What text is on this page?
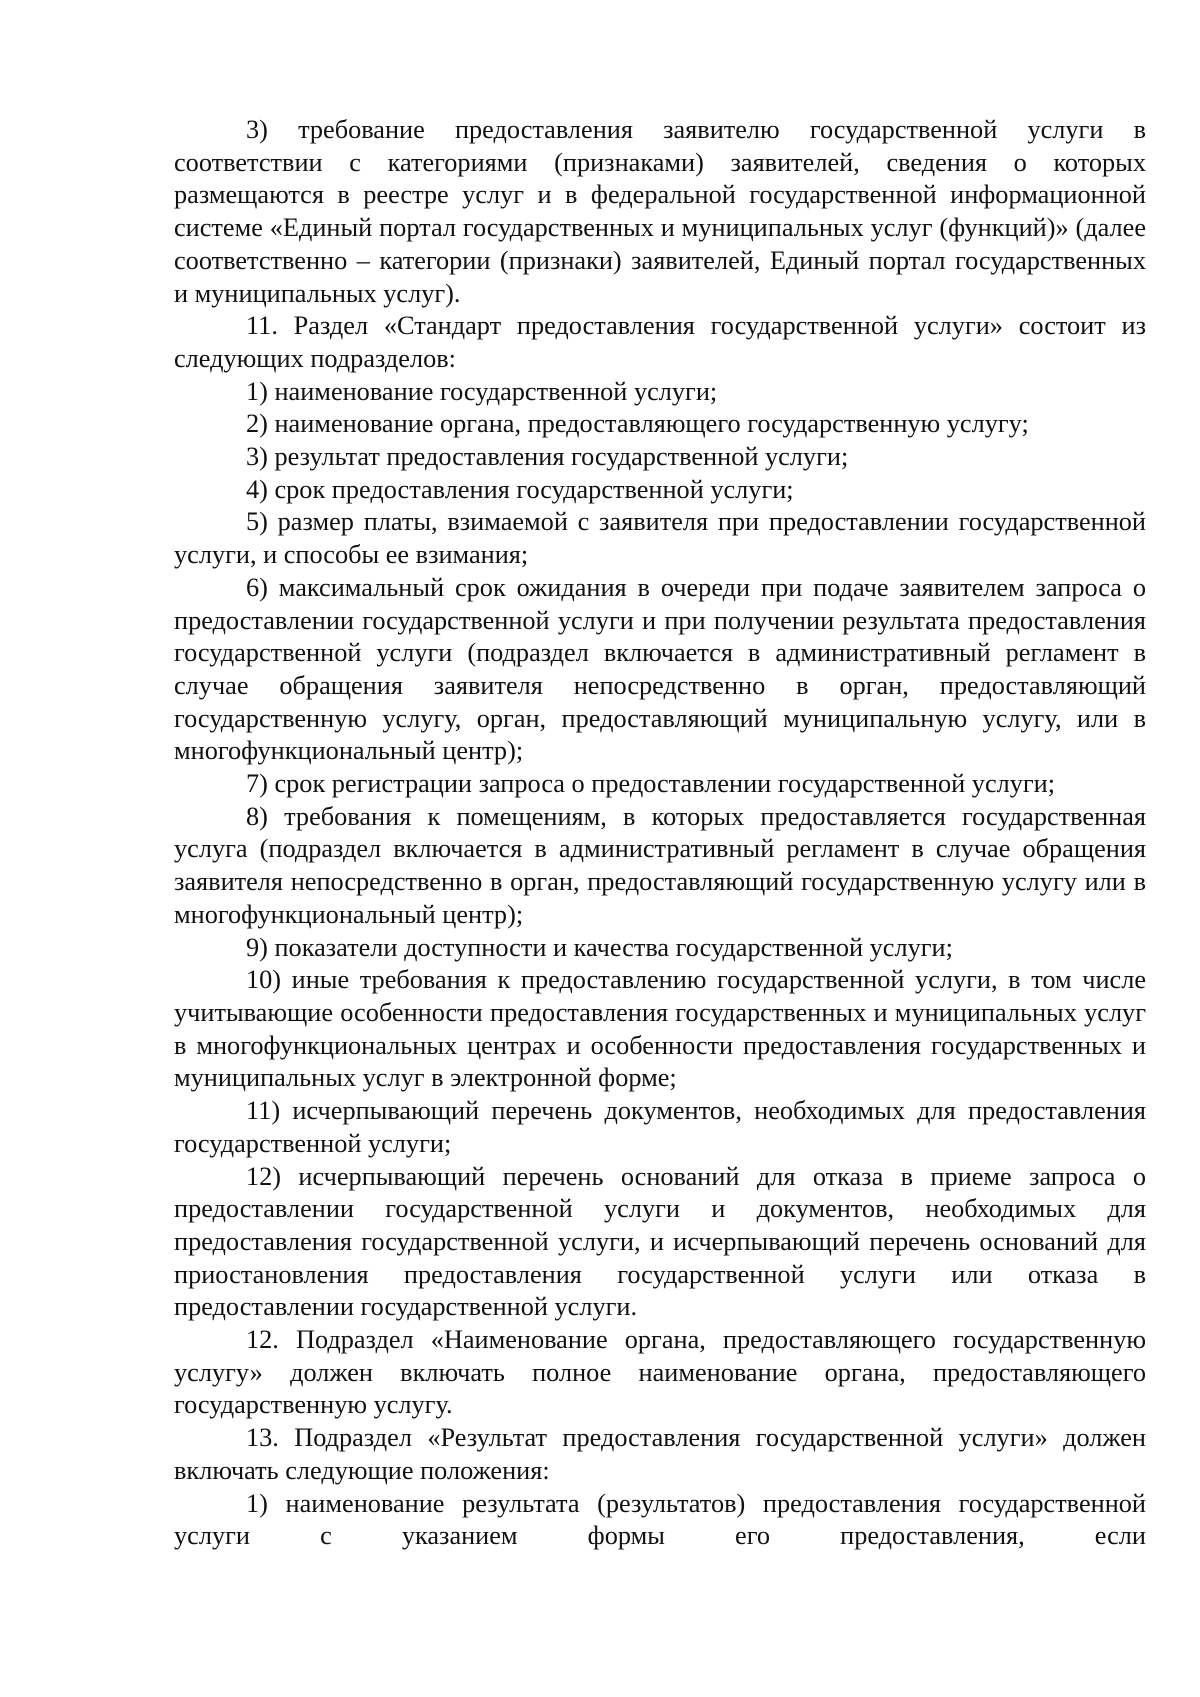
3) требование предоставления заявителю государственной услуги в соответствии с категориями (признаками) заявителей, сведения о которых размещаются в реестре услуг и в федеральной государственной информационной системе «Единый портал государственных и муниципальных услуг (функций)» (далее соответственно – категории (признаки) заявителей, Единый портал государственных и муниципальных услуг).

11. Раздел «Стандарт предоставления государственной услуги» состоит из следующих подразделов:

1) наименование государственной услуги;

2) наименование органа, предоставляющего государственную услугу;

3) результат предоставления государственной услуги;

4) срок предоставления государственной услуги;

5) размер платы, взимаемой с заявителя при предоставлении государственной услуги, и способы ее взимания;

6) максимальный срок ожидания в очереди при подаче заявителем запроса о предоставлении государственной услуги и при получении результата предоставления государственной услуги (подраздел включается в административный регламент в случае обращения заявителя непосредственно в орган, предоставляющий государственную услугу, орган, предоставляющий муниципальную услугу, или в многофункциональный центр);

7) срок регистрации запроса о предоставлении государственной услуги;

8) требования к помещениям, в которых предоставляется государственная услуга (подраздел включается в административный регламент в случае обращения заявителя непосредственно в орган, предоставляющий государственную услугу или в многофункциональный центр);

9) показатели доступности и качества государственной услуги;

10) иные требования к предоставлению государственной услуги, в том числе учитывающие особенности предоставления государственных и муниципальных услуг в многофункциональных центрах и особенности предоставления государственных и муниципальных услуг в электронной форме;

11) исчерпывающий перечень документов, необходимых для предоставления государственной услуги;

12) исчерпывающий перечень оснований для отказа в приеме запроса о предоставлении государственной услуги и документов, необходимых для предоставления государственной услуги, и исчерпывающий перечень оснований для приостановления предоставления государственной услуги или отказа в предоставлении государственной услуги.

12. Подраздел «Наименование органа, предоставляющего государственную услугу» должен включать полное наименование органа, предоставляющего государственную услугу.

13. Подраздел «Результат предоставления государственной услуги» должен включать следующие положения:

1) наименование результата (результатов) предоставления государственной услуги с указанием формы его предоставления, если
